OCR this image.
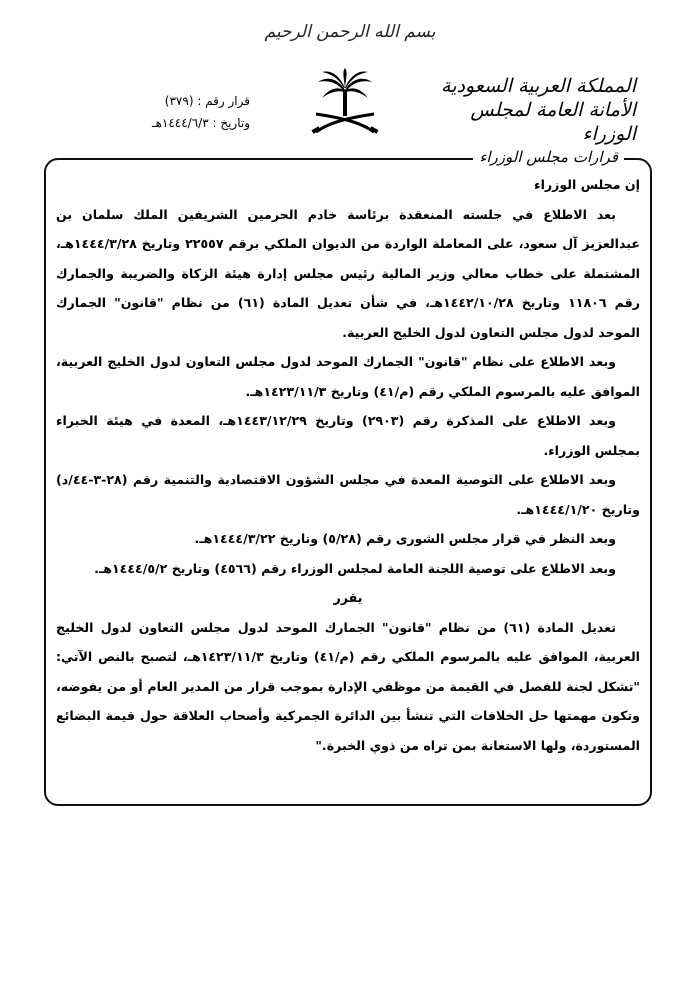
بسم الله الرحمن الرحيم
المملكة العربية السعودية
الأمانة العامة لمجلس الوزراء
قرار رقم : (٣٧٩)
وتاريخ : ١٤٤٤/٦/٣هـ
قرارات مجلس الوزراء

إن مجلس الوزراء

بعد الاطلاع في جلسته المنعقدة برئاسة خادم الحرمين الشريفين الملك سلمان بن عبدالعزيز آل سعود، على المعاملة الواردة من الديوان الملكي برقم ٢٢٥٥٧ وتاريخ ١٤٤٤/٣/٢٨هـ، المشتملة على خطاب معالي وزير المالية رئيس مجلس إدارة هيئة الزكاة والضريبة والجمارك رقم ١١٨٠٦ وتاريخ ١٤٤٢/١٠/٢٨هـ، في شأن تعديل المادة (٦١) من نظام "قانون" الجمارك الموحد لدول مجلس التعاون لدول الخليج العربية.

وبعد الاطلاع على نظام "قانون" الجمارك الموحد لدول مجلس التعاون لدول الخليج العربية، الموافق عليه بالمرسوم الملكي رقم (م/٤١) وتاريخ ١٤٢٣/١١/٣هـ.

وبعد الاطلاع على المذكرة رقم (٢٩٠٣) وتاريخ ١٤٤٣/١٢/٢٩هـ، المعدة في هيئة الخبراء بمجلس الوزراء.

وبعد الاطلاع على التوصية المعدة في مجلس الشؤون الاقتصادية والتنمية رقم (٢٨-٣-٤٤/د) وتاريخ ١٤٤٤/١/٢٠هـ.

وبعد النظر في قرار مجلس الشورى رقم (٥/٢٨) وتاريخ ١٤٤٤/٣/٢٢هـ.

وبعد الاطلاع على توصية اللجنة العامة لمجلس الوزراء رقم (٤٥٦٦) وتاريخ ١٤٤٤/٥/٢هـ.

يقرر

تعديل المادة (٦١) من نظام "قانون" الجمارك الموحد لدول مجلس التعاون لدول الخليج العربية، الموافق عليه بالمرسوم الملكي رقم (م/٤١) وتاريخ ١٤٢٣/١١/٣هـ، لتصبح بالنص الآتي: "تشكل لجنة للفصل في القيمة من موظفي الإدارة بموجب قرار من المدير العام أو من يفوضه، وتكون مهمتها حل الخلافات التي تنشأ بين الدائرة الجمركية وأصحاب العلاقة حول قيمة البضائع المستوردة، ولها الاستعانة بمن تراه من ذوي الخبرة."
